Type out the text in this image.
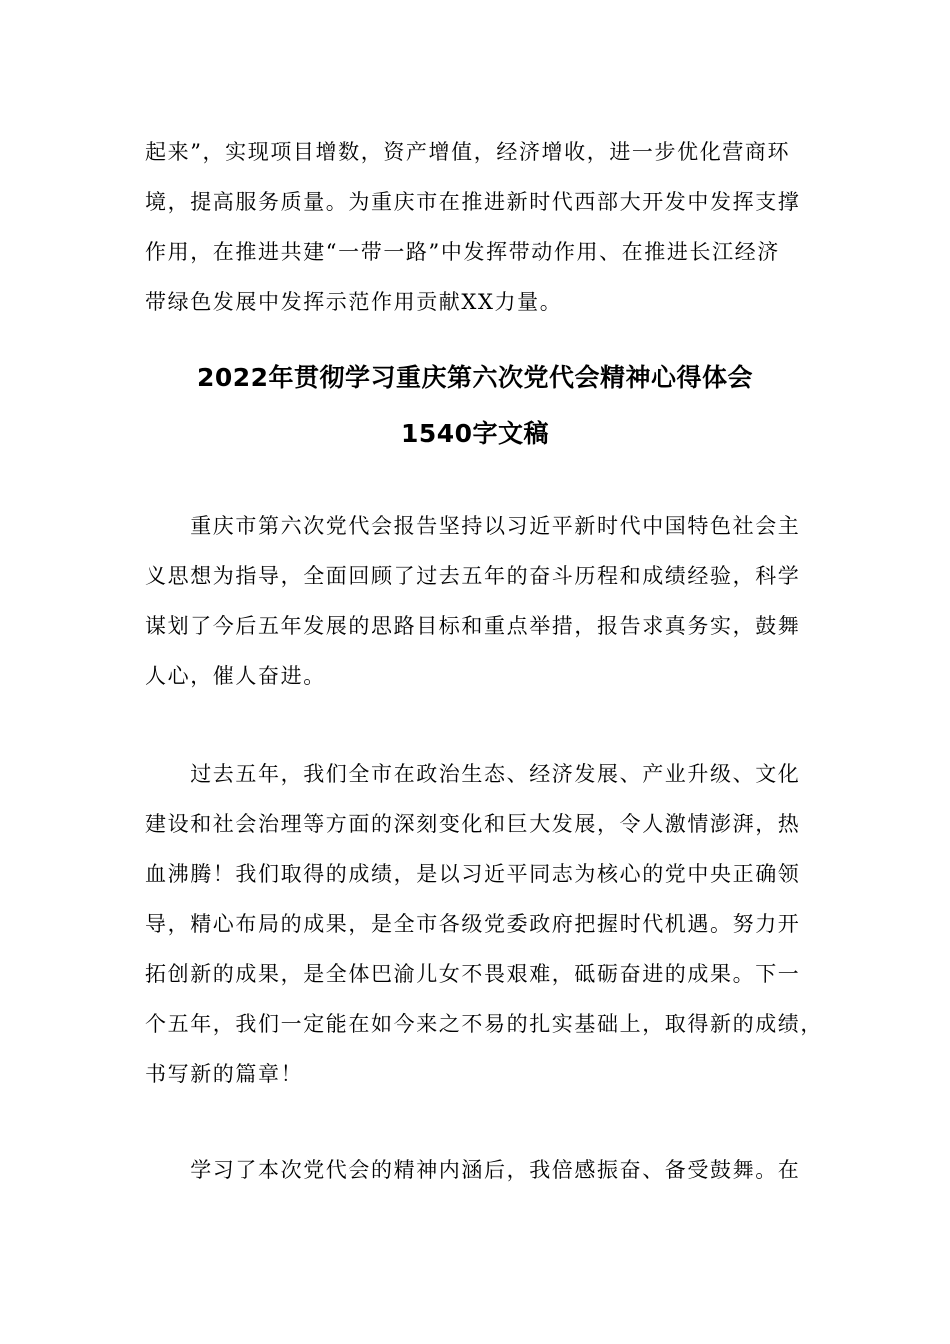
起来”，实现项目增数，资产增值，经济增收，进一步优化营商环
境，提高服务质量。为重庆市在推进新时代西部大开发中发挥支撑
作用，在推进共建“一带一路”中发挥带动作用、在推进长江经济
带绿色发展中发挥示范作用贡献XX力量。
2022年贯彻学习重庆第六次党代会精神心得体会
1540字文稿
　　重庆市第六次党代会报告坚持以习近平新时代中国特色社会主
义思想为指导，全面回顾了过去五年的奋斗历程和成绩经验，科学
谋划了今后五年发展的思路目标和重点举措，报告求真务实，鼓舞
人心，催人奋进。
　　过去五年，我们全市在政治生态、经济发展、产业升级、文化
建设和社会治理等方面的深刻变化和巨大发展，令人激情澎湃，热
血沸腾！我们取得的成绩，是以习近平同志为核心的党中央正确领
导，精心布局的成果，是全市各级党委政府把握时代机遇。努力开
拓创新的成果，是全体巴渝儿女不畏艰难，砥砺奋进的成果。下一
个五年，我们一定能在如今来之不易的扎实基础上，取得新的成绩，
书写新的篇章！
　　学习了本次党代会的精神内涵后，我倍感振奋、备受鼓舞。在
